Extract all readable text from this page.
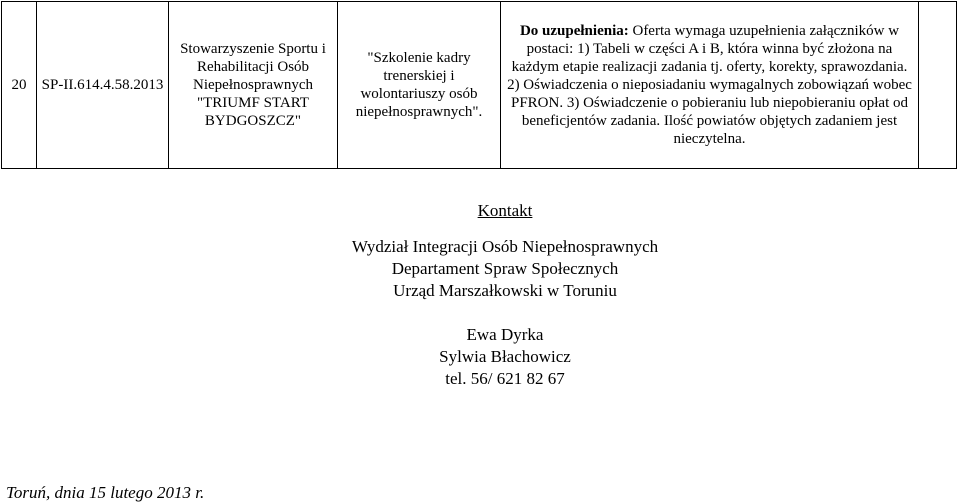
20	SP-II.614.4.58.2013	Stowarzyszenie Sportu i Rehabilitacji Osób Niepełnosprawnych "TRIUMF START BYDGOSZCZ"	"Szkolenie kadry trenerskiej i wolontariuszy osób niepełnosprawnych".	Do uzupełnienia: Oferta wymaga uzupełnienia załączników w postaci: 1) Tabeli w części A i B, która winna być złożona na każdym etapie realizacji zadania tj. oferty, korekty, sprawozdania. 2) Oświadczenia o nieposiadaniu wymagalnych zobowiązań wobec PFRON. 3) Oświadczenie o pobieraniu lub niepobieraniu opłat od beneficjentów zadania. Ilość powiatów objętych zadaniem jest nieczytelna.	
Kontakt
Wydział Integracji Osób Niepełnosprawnych
Departament Spraw Społecznych
Urząd Marszałkowski w Toruniu
Ewa Dyrka
Sylwia Błachowicz
tel. 56/ 621 82 67
Toruń, dnia 15 lutego 2013 r.
